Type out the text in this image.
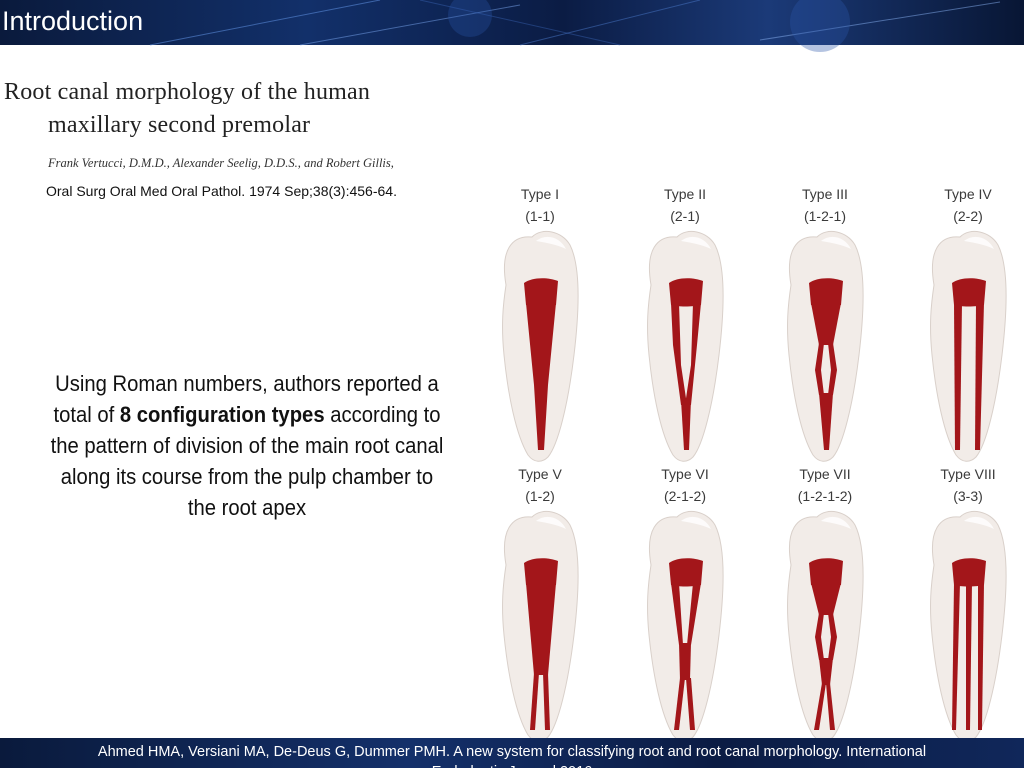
Introduction
Root canal morphology of the human
maxillary second premolar
Frank Vertucci, D.M.D., Alexander Seelig, D.D.S., and Robert Gillis,
Oral Surg Oral Med Oral Pathol. 1974 Sep;38(3):456-64.
Using Roman numbers, authors reported a total of 8 configuration types according to the pattern of division of the main root canal along its course from the pulp chamber to the root apex
Type I
(1-1)
Type II
(2-1)
Type III
(1-2-1)
Type IV
(2-2)
Type V
(1-2)
Type VI
(2-1-2)
Type VII
(1-2-1-2)
Type VIII
(3-3)
Ahmed HMA, Versiani MA, De-Deus G, Dummer PMH. A new system for classifying root and root canal morphology. International
Endodontic Journal 2016
